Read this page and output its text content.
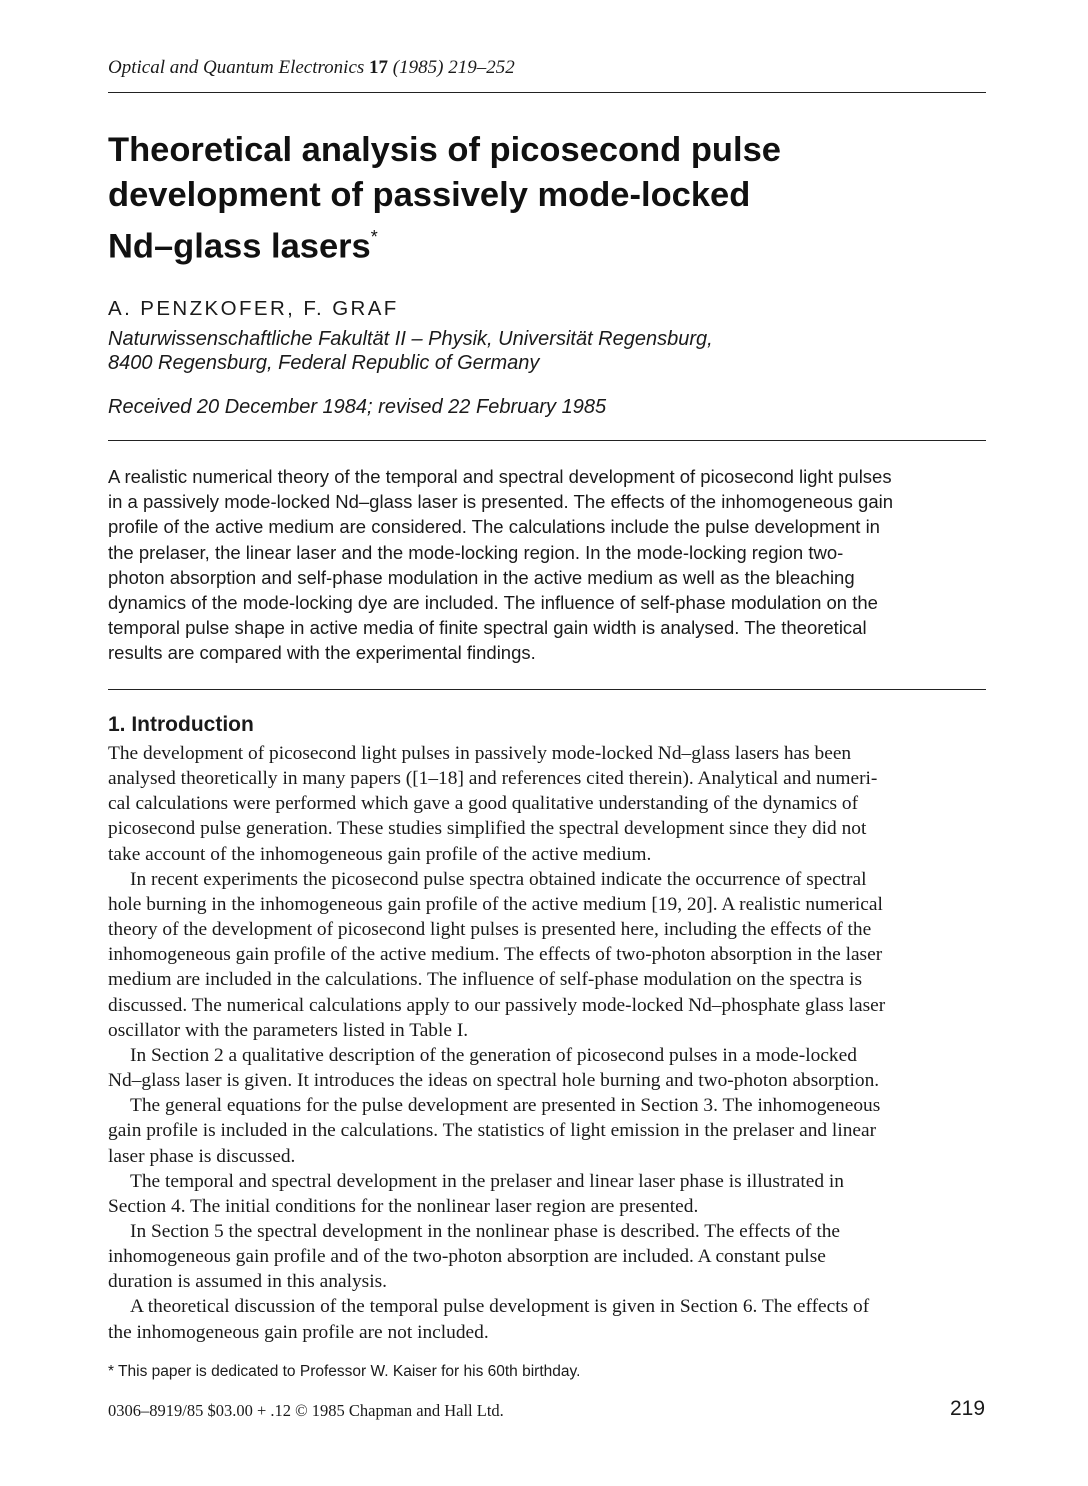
Optical and Quantum Electronics 17 (1985) 219–252
Theoretical analysis of picosecond pulse
development of passively mode-locked
Nd–glass lasers*
A. PENZKOFER, F. GRAF
Naturwissenschaftliche Fakultät II – Physik, Universität Regensburg,
8400 Regensburg, Federal Republic of Germany
Received 20 December 1984; revised 22 February 1985
A realistic numerical theory of the temporal and spectral development of picosecond light pulses
in a passively mode-locked Nd–glass laser is presented. The effects of the inhomogeneous gain
profile of the active medium are considered. The calculations include the pulse development in
the prelaser, the linear laser and the mode-locking region. In the mode-locking region two-
photon absorption and self-phase modulation in the active medium as well as the bleaching
dynamics of the mode-locking dye are included. The influence of self-phase modulation on the
temporal pulse shape in active media of finite spectral gain width is analysed. The theoretical
results are compared with the experimental findings.
1. Introduction
The development of picosecond light pulses in passively mode-locked Nd–glass lasers has been
analysed theoretically in many papers ([1–18] and references cited therein). Analytical and numeri-
cal calculations were performed which gave a good qualitative understanding of the dynamics of
picosecond pulse generation. These studies simplified the spectral development since they did not
take account of the inhomogeneous gain profile of the active medium.
In recent experiments the picosecond pulse spectra obtained indicate the occurrence of spectral
hole burning in the inhomogeneous gain profile of the active medium [19, 20]. A realistic numerical
theory of the development of picosecond light pulses is presented here, including the effects of the
inhomogeneous gain profile of the active medium. The effects of two-photon absorption in the laser
medium are included in the calculations. The influence of self-phase modulation on the spectra is
discussed. The numerical calculations apply to our passively mode-locked Nd–phosphate glass laser
oscillator with the parameters listed in Table I.
In Section 2 a qualitative description of the generation of picosecond pulses in a mode-locked
Nd–glass laser is given. It introduces the ideas on spectral hole burning and two-photon absorption.
The general equations for the pulse development are presented in Section 3. The inhomogeneous
gain profile is included in the calculations. The statistics of light emission in the prelaser and linear
laser phase is discussed.
The temporal and spectral development in the prelaser and linear laser phase is illustrated in
Section 4. The initial conditions for the nonlinear laser region are presented.
In Section 5 the spectral development in the nonlinear phase is described. The effects of the
inhomogeneous gain profile and of the two-photon absorption are included. A constant pulse
duration is assumed in this analysis.
A theoretical discussion of the temporal pulse development is given in Section 6. The effects of
the inhomogeneous gain profile are not included.
* This paper is dedicated to Professor W. Kaiser for his 60th birthday.
0306–8919/85 $03.00 + .12 © 1985 Chapman and Hall Ltd.	219
